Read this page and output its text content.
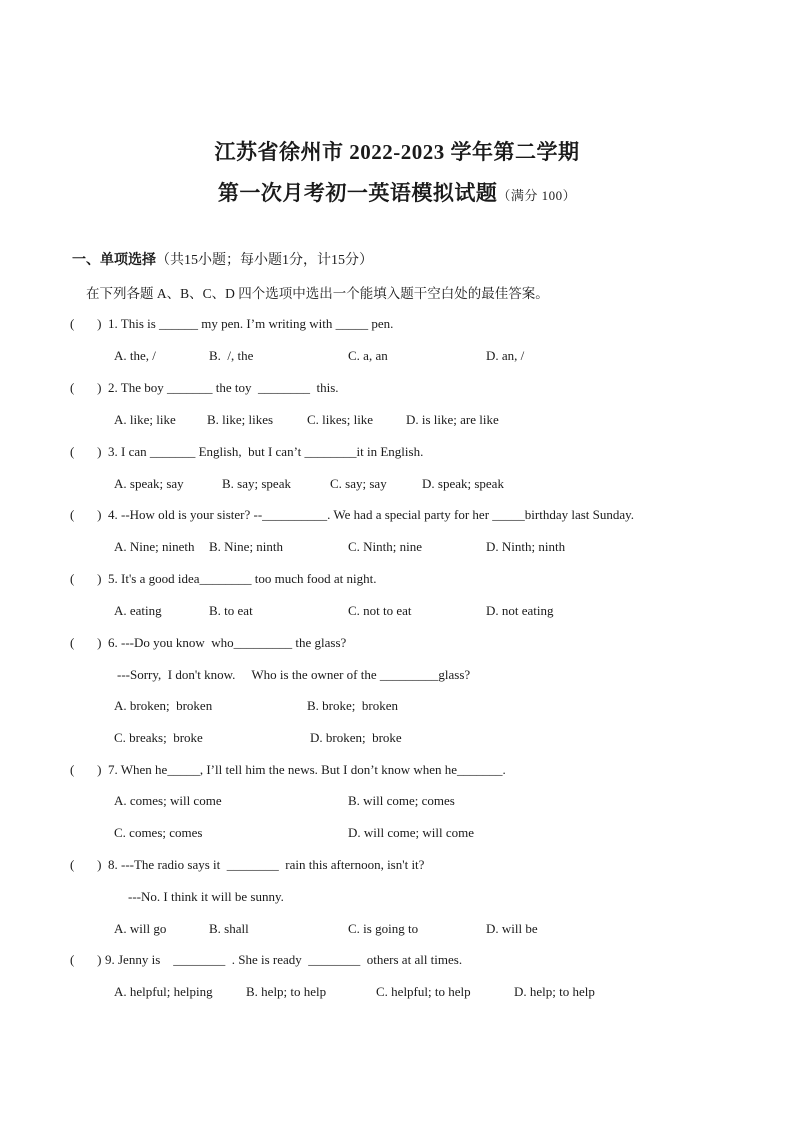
江苏省徐州市 2022-2023 学年第二学期
第一次月考初一英语模拟试题（满分 100）
一、单项选择（共15小题；每小题1分，计15分）
在下列各题 A、B、C、D 四个选项中选出一个能填入题干空白处的最佳答案。
(       ) 1. This is ______ my pen. I’m writing with _____ pen.
A. the, /	B.  /, the	C. a, an	D. an, /
(       ) 2. The boy _______ the toy  ________  this.
A. like; like B. like; likes	C. likes; like	D. is like; are like
(       ) 3. I can _______ English,  but I can’t ________it in English.
A. speak; say	B. say; speak	C. say; say	D. speak; speak
(       ) 4. --How old is your sister? --__________. We had a special party for her _____birthday last Sunday.
A. Nine; nineth B. Nine; ninth	C. Ninth; nine	D. Ninth; ninth
(       ) 5. It's a good idea________ too much food at night.
A. eating	B. to eat	C. not to eat	D. not eating
(       ) 6. ---Do you know  who_________ the glass?
---Sorry,  I don't know.     Who is the owner of the _________glass?
A. broken;  broken	B. broke;  broken
C. breaks;  broke	D. broken;  broke
(       ) 7. When he_____, I’ll tell him the news. But I don’t know when he_______.
A. comes; will come	B. will come; comes
C. comes; comes	D. will come; will come
(       ) 8. ---The radio says it  ________  rain this afternoon, isn't it?
---No. I think it will be sunny.
A. will go	B. shall	C. is going to	D. will be
(       ) 9. Jenny is    ________  . She is ready  ________  others at all times.
A. helpful; helping	B. help; to help	C. helpful; to help	D. help; to help
